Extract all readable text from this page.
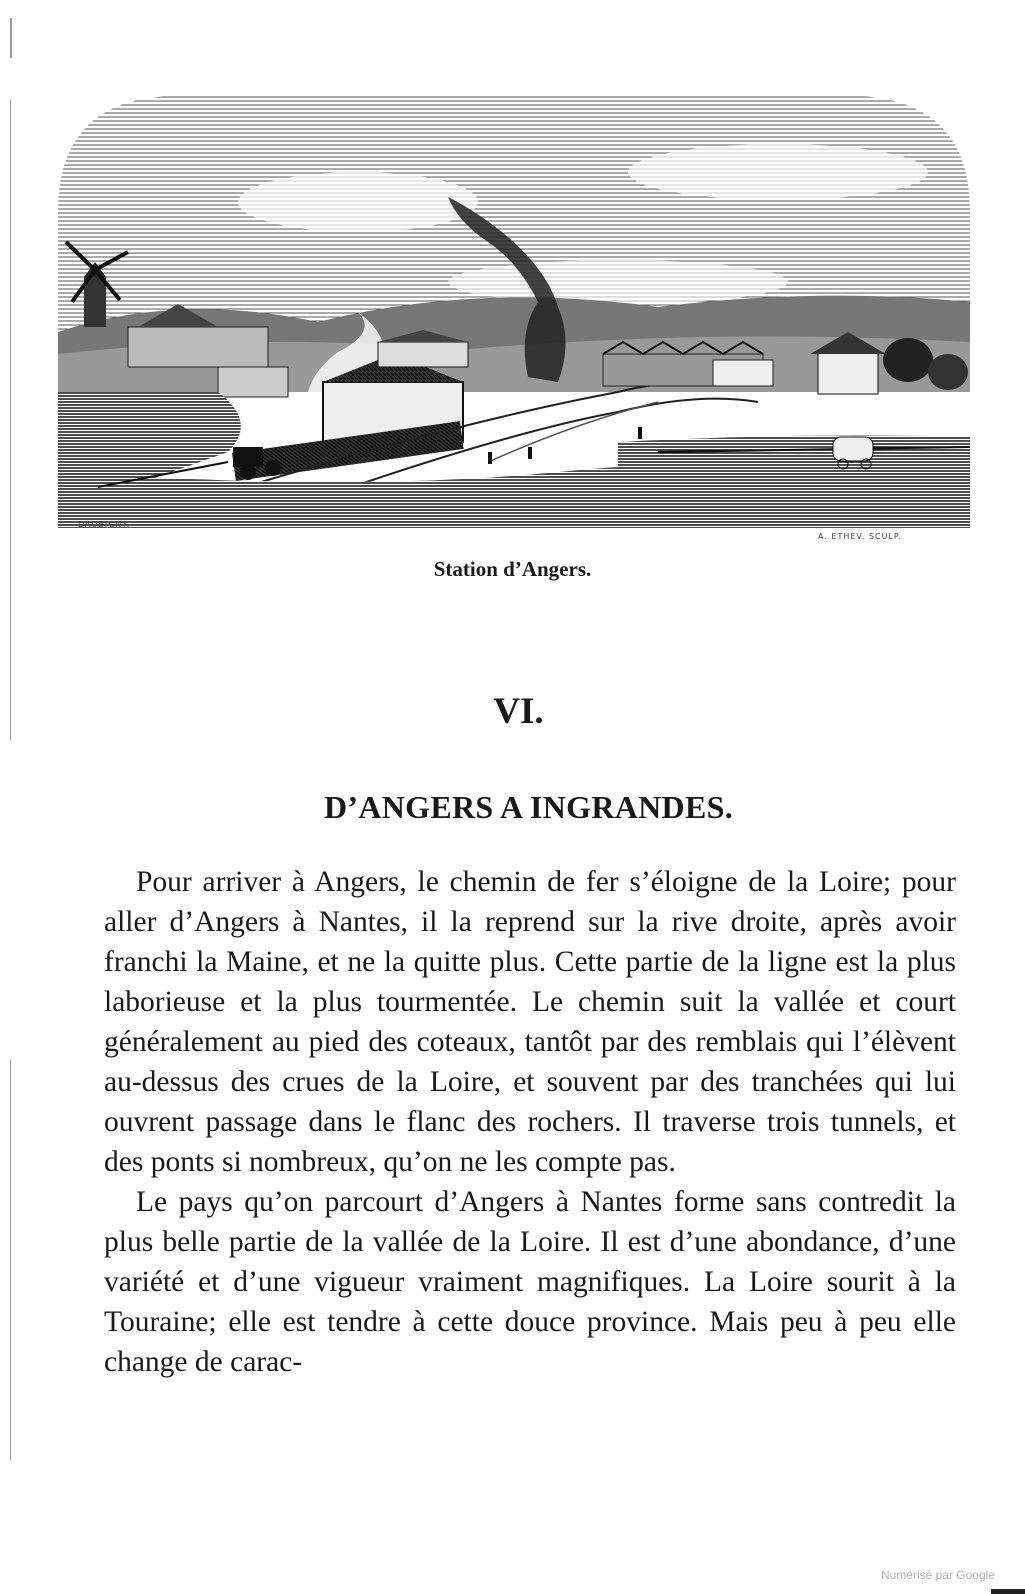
DAUBIGNY.
A. ETHEV. SCULP.
Station d’Angers.
VI.
D’ANGERS A INGRANDES.

Pour arriver à Angers, le chemin de fer s’éloigne de la Loire; pour aller d’Angers à Nantes, il la reprend sur la rive droite, après avoir franchi la Maine, et ne la quitte plus. Cette partie de la ligne est la plus laborieuse et la plus tourmentée. Le chemin suit la vallée et court généralement au pied des coteaux, tantôt par des remblais qui l’élèvent au-dessus des crues de la Loire, et souvent par des tranchées qui lui ouvrent passage dans le flanc des rochers. Il traverse trois tunnels, et des ponts si nombreux, qu’on ne les compte pas.

Le pays qu’on parcourt d’Angers à Nantes forme sans contredit la plus belle partie de la vallée de la Loire. Il est d’une abondance, d’une variété et d’une vigueur vraiment magnifiques. La Loire sourit à la Touraine; elle est tendre à cette douce province. Mais peu à peu elle change de carac-

Numérisé par Google
